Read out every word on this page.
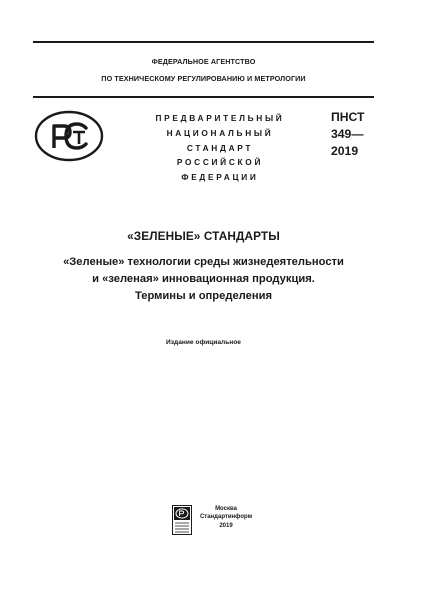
ФЕДЕРАЛЬНОЕ АГЕНТСТВО
ПО ТЕХНИЧЕСКОМУ РЕГУЛИРОВАНИЮ И МЕТРОЛОГИИ
ПРЕДВАРИТЕЛЬНЫЙ
НАЦИОНАЛЬНЫЙ
СТАНДАРТ
РОССИЙСКОЙ
ФЕДЕРАЦИИ
ПНСТ
349—
2019
«ЗЕЛЕНЫЕ» СТАНДАРТЫ
«Зеленые» технологии среды жизнедеятельности
и «зеленая» инновационная продукция.
Термины и определения
Издание официальное
Москва
Стандартинформ
2019
